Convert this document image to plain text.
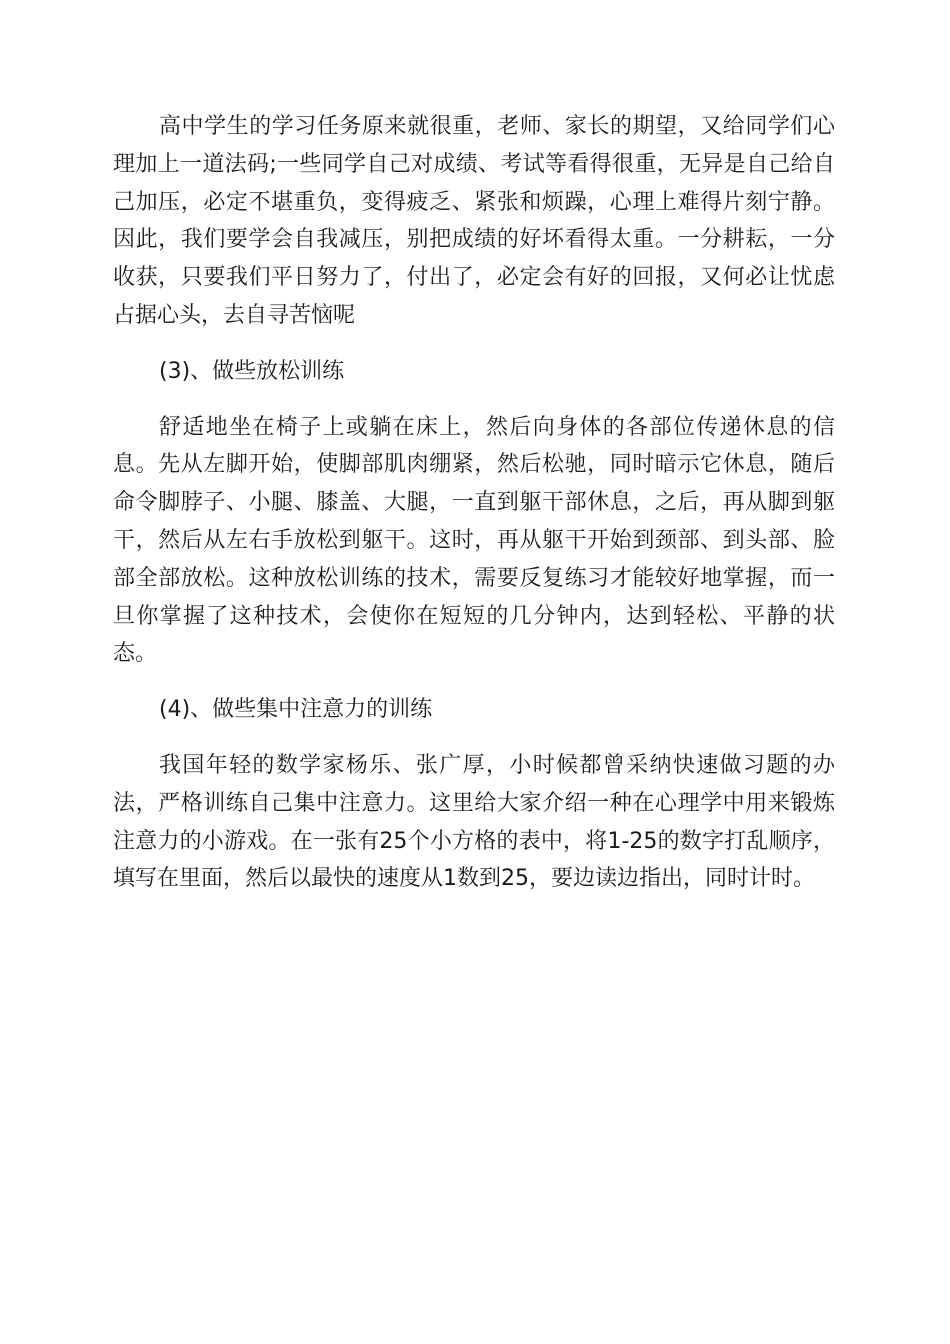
高中学生的学习任务原来就很重，老师、家长的期望，又给同学们心理加上一道法码;一些同学自己对成绩、考试等看得很重，无异是自己给自己加压，必定不堪重负，变得疲乏、紧张和烦躁，心理上难得片刻宁静。因此，我们要学会自我减压，别把成绩的好坏看得太重。一分耕耘，一分收获，只要我们平日努力了，付出了，必定会有好的回报，又何必让忧虑占据心头，去自寻苦恼呢

(3)、做些放松训练

舒适地坐在椅子上或躺在床上，然后向身体的各部位传递休息的信息。先从左脚开始，使脚部肌肉绷紧，然后松驰，同时暗示它休息，随后命令脚脖子、小腿、膝盖、大腿，一直到躯干部休息，之后，再从脚到躯干，然后从左右手放松到躯干。这时，再从躯干开始到颈部、到头部、脸部全部放松。这种放松训练的技术，需要反复练习才能较好地掌握，而一旦你掌握了这种技术，会使你在短短的几分钟内，达到轻松、平静的状态。

(4)、做些集中注意力的训练

我国年轻的数学家杨乐、张广厚，小时候都曾采纳快速做习题的办法，严格训练自己集中注意力。这里给大家介绍一种在心理学中用来锻炼注意力的小游戏。在一张有25个小方格的表中，将1-25的数字打乱顺序，填写在里面，然后以最快的速度从1数到25，要边读边指出，同时计时。
